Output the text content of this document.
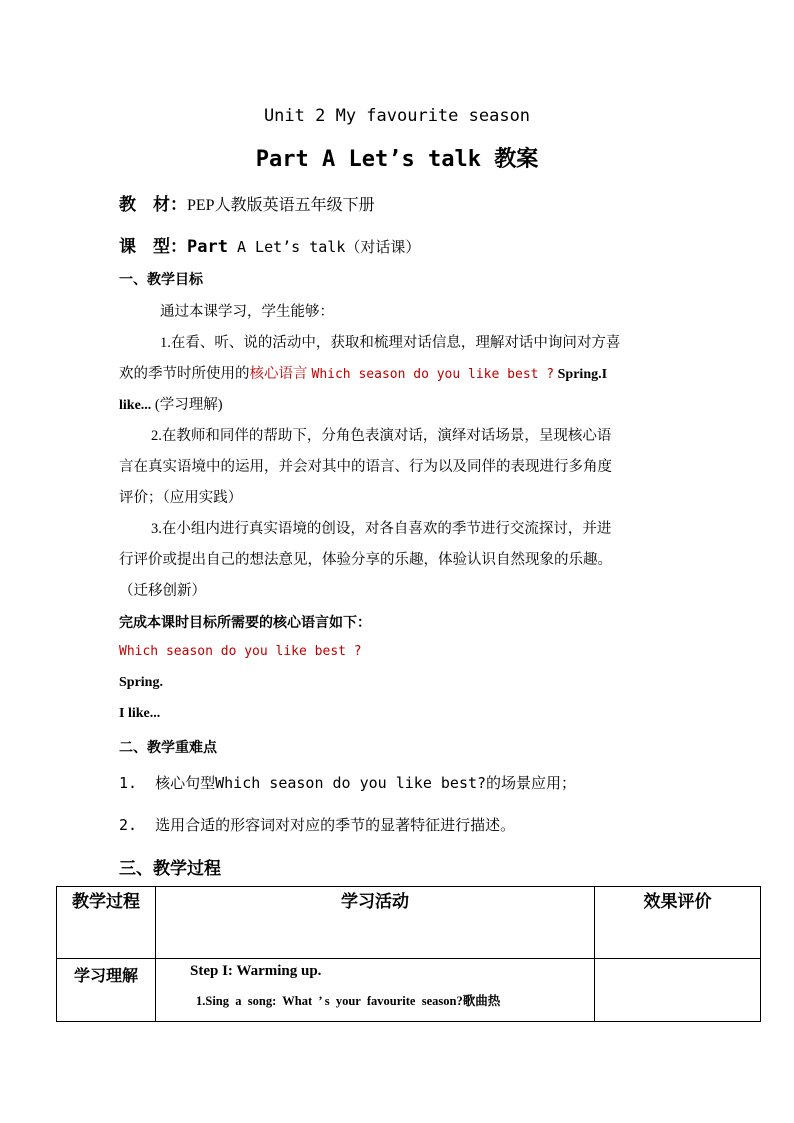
Unit 2 My favourite season
Part A Let’s talk 教案
教    材：PEP人教版英语五年级下册
课    型：Part A Let’s talk（对话课）
一、教学目标
通过本课学习，学生能够：
1.在看、听、说的活动中，获取和梳理对话信息，理解对话中询问对方喜
欢的季节时所使用的核心语言 Which season do you like best ? Spring.I
like... (学习理解)
2.在教师和同伴的帮助下，分角色表演对话，演绎对话场景，呈现核心语
言在真实语境中的运用，并会对其中的语言、行为以及同伴的表现进行多角度
评价；（应用实践）
3.在小组内进行真实语境的创设，对各自喜欢的季节进行交流探讨，并进
行评价或提出自己的想法意见，体验分享的乐趣，体验认识自然现象的乐趣。
（迁移创新）
完成本课时目标所需要的核心语言如下：
Which season do you like best ?
Spring.
I like...
二、教学重难点
1.  核心句型Which season do you like best?的场景应用；
2.  选用合适的形容词对对应的季节的显著特征进行描述。
三、教学过程
教学过程	学习活动	效果评价
学习理解	Step I: Warming up.
1.Sing  a  song:  What  ’ s  your  favourite  season?歌曲热	
